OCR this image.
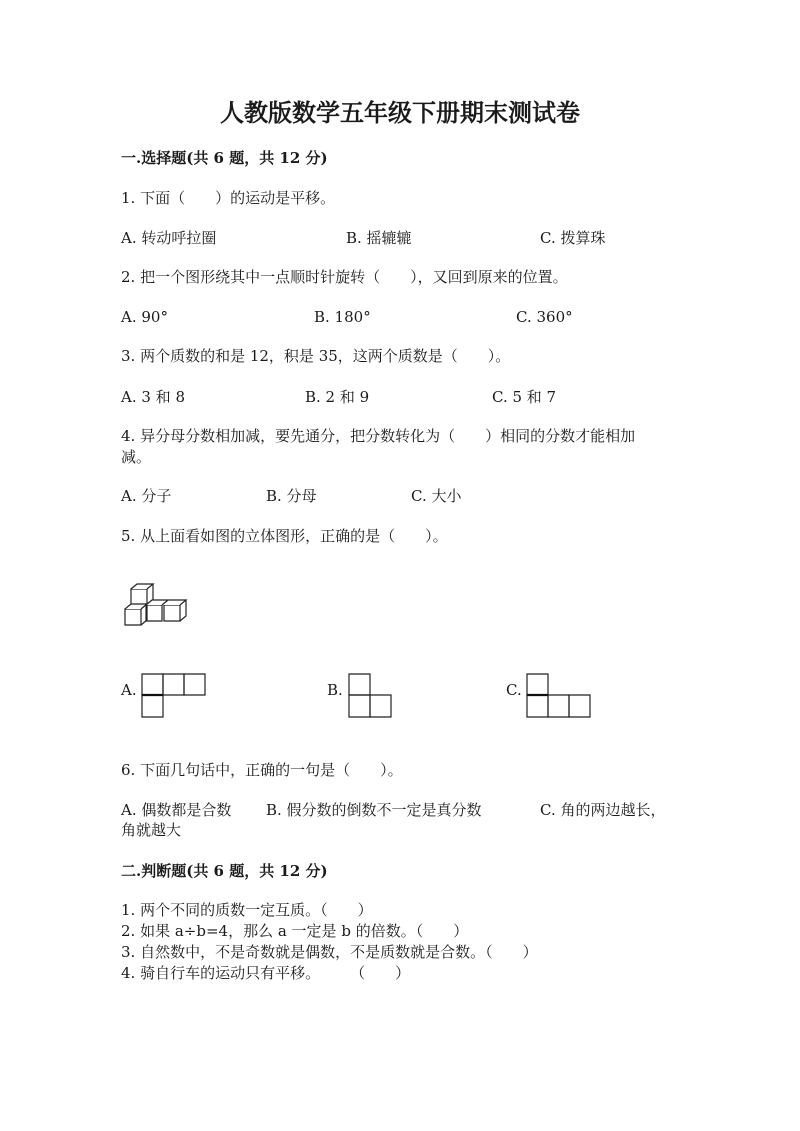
人教版数学五年级下册期末测试卷
一.选择题(共 6 题，共 12 分)
1. 下面（　　）的运动是平移。
A. 转动呼拉圈	B. 摇辘辘	C. 拨算珠
2. 把一个图形绕其中一点顺时针旋转（　　），又回到原来的位置。
A. 90°	B. 180°	C. 360°
3. 两个质数的和是 12，积是 35，这两个质数是（　　）。
A. 3 和 8	B. 2 和 9	C. 5 和 7
4. 异分母分数相加减，要先通分，把分数转化为（　　）相同的分数才能相加
减。
A. 分子	B. 分母	C. 大小
5. 从上面看如图的立体图形，正确的是（　　）。
A.	B.	C.
6. 下面几句话中，正确的一句是（　　）。
A. 偶数都是合数 B. 假分数的倒数不一定是真分数	C. 角的两边越长，
角就越大
二.判断题(共 6 题，共 12 分)
1. 两个不同的质数一定互质。（　　）
2. 如果 a÷b=4，那么 a 一定是 b 的倍数。（　　）
3. 自然数中，不是奇数就是偶数，不是质数就是合数。（　　）
4. 骑自行车的运动只有平移。　　　（　　）
